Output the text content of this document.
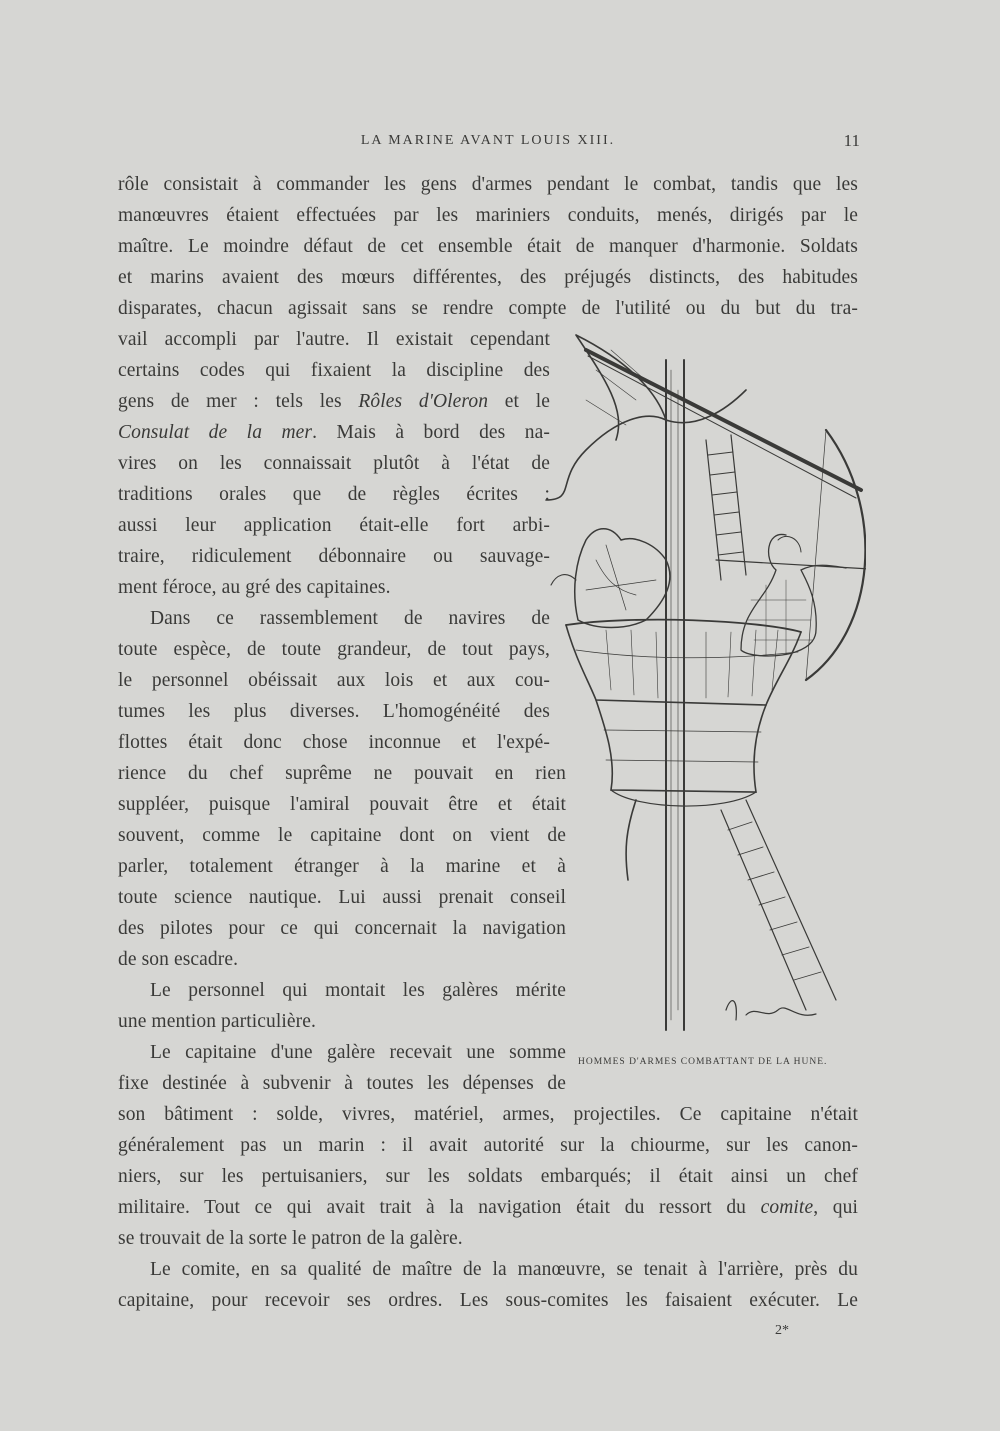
LA MARINE AVANT LOUIS XIII.	11
rôle consistait à commander les gens d'armes pendant le combat, tandis que les
manœuvres étaient effectuées par les mariniers conduits, menés, dirigés par le
maître. Le moindre défaut de cet ensemble était de manquer d'harmonie. Soldats
et marins avaient des mœurs différentes, des préjugés distincts, des habitudes
disparates, chacun agissait sans se rendre compte de l'utilité ou du but du tra-
vail accompli par l'autre. Il existait cependant
certains codes qui fixaient la discipline des
gens de mer : tels les Rôles d'Oleron et le
Consulat de la mer. Mais à bord des na-
vires on les connaissait plutôt à l'état de
traditions orales que de règles écrites :
aussi leur application était-elle fort arbi-
traire, ridiculement débonnaire ou sauvage-
ment féroce, au gré des capitaines.
Dans ce rassemblement de navires de
toute espèce, de toute grandeur, de tout pays,
le personnel obéissait aux lois et aux cou-
tumes les plus diverses. L'homogénéité des
flottes était donc chose inconnue et l'expé-
rience du chef suprême ne pouvait en rien
suppléer, puisque l'amiral pouvait être et était
souvent, comme le capitaine dont on vient de
parler, totalement étranger à la marine et à
toute science nautique. Lui aussi prenait conseil
des pilotes pour ce qui concernait la navigation
de son escadre.
Le personnel qui montait les galères mérite
une mention particulière.
Le capitaine d'une galère recevait une somme
fixe destinée à subvenir à toutes les dépenses de
son bâtiment : solde, vivres, matériel, armes, projectiles. Ce capitaine n'était
généralement pas un marin : il avait autorité sur la chiourme, sur les canon-
niers, sur les pertuisaniers, sur les soldats embarqués; il était ainsi un chef
militaire. Tout ce qui avait trait à la navigation était du ressort du comite, qui
se trouvait de la sorte le patron de la galère.
Le comite, en sa qualité de maître de la manœuvre, se tenait à l'arrière, près du
capitaine, pour recevoir ses ordres. Les sous-comites les faisaient exécuter. Le
HOMMES D'ARMES COMBATTANT DE LA HUNE.
2*
